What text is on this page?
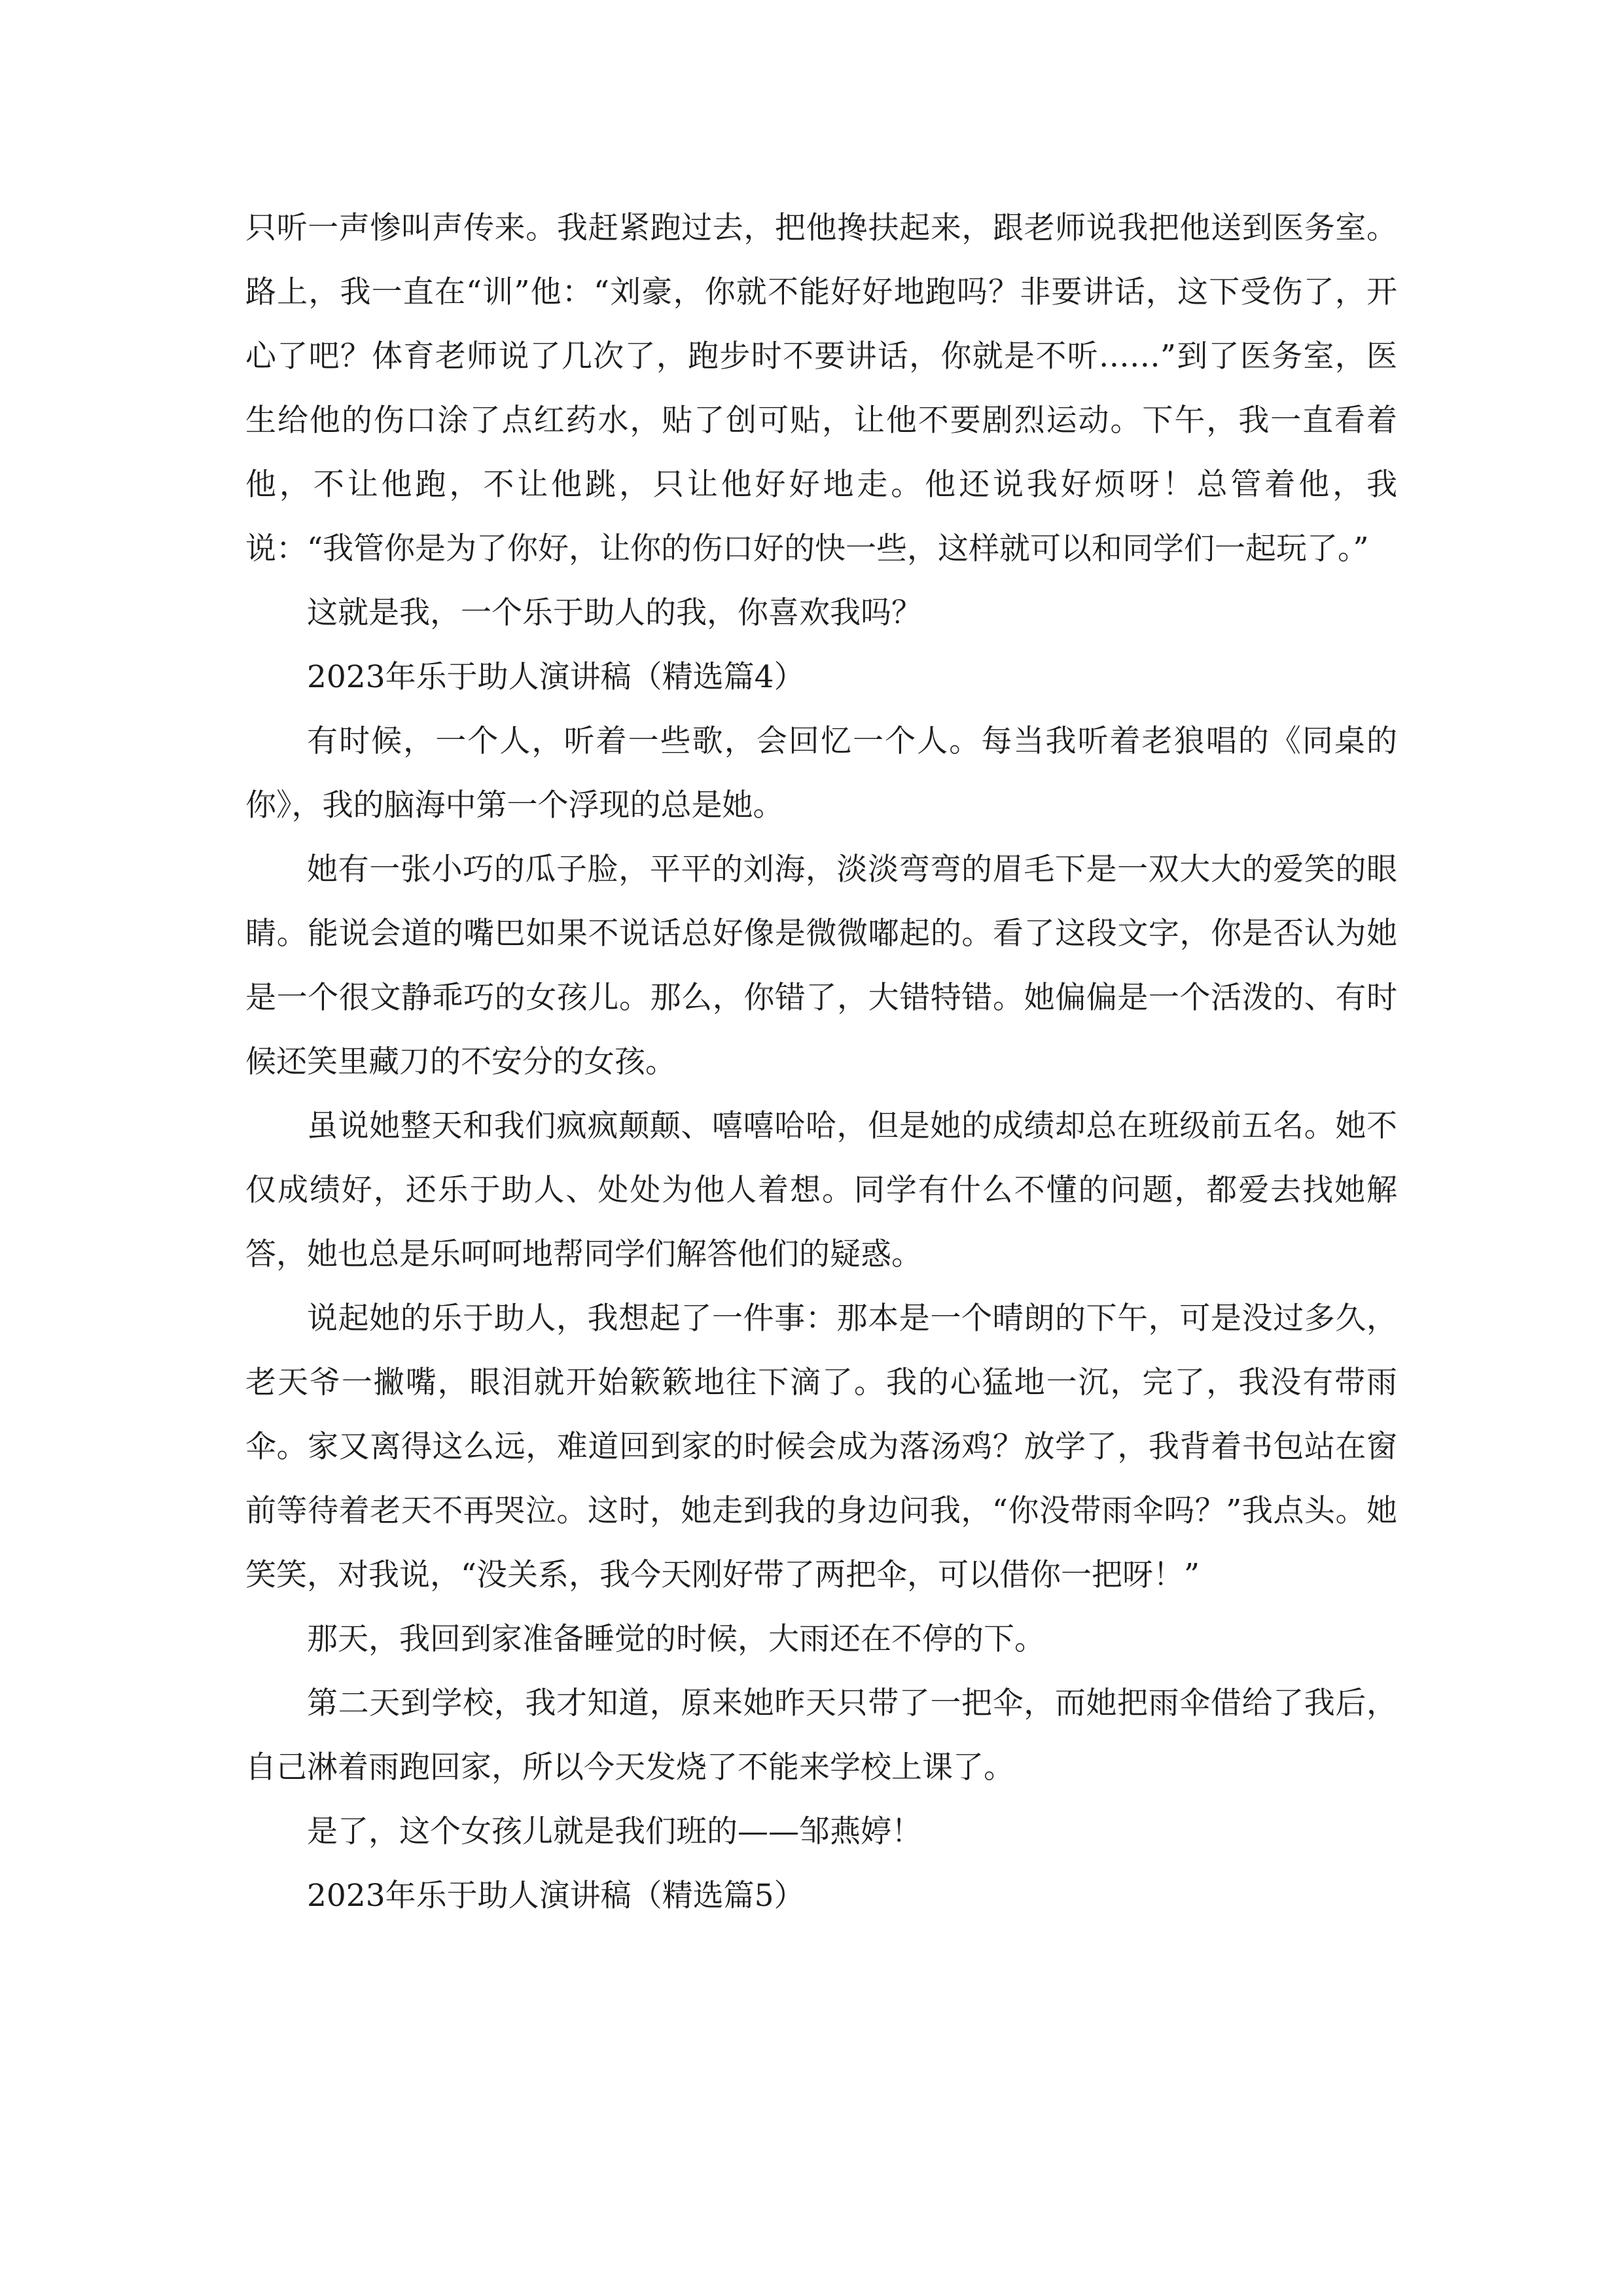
只听一声惨叫声传来。我赶紧跑过去，把他搀扶起来，跟老师说我把他送到医务室。路上，我一直在“训”他：“刘豪，你就不能好好地跑吗？非要讲话，这下受伤了，开心了吧？体育老师说了几次了，跑步时不要讲话，你就是不听……”到了医务室，医生给他的伤口涂了点红药水，贴了创可贴，让他不要剧烈运动。下午，我一直看着他，不让他跑，不让他跳，只让他好好地走。他还说我好烦呀！总管着他，我说：“我管你是为了你好，让你的伤口好的快一些，这样就可以和同学们一起玩了。”

这就是我，一个乐于助人的我，你喜欢我吗？

2023年乐于助人演讲稿（精选篇4）

有时候，一个人，听着一些歌，会回忆一个人。每当我听着老狼唱的《同桌的你》，我的脑海中第一个浮现的总是她。

她有一张小巧的瓜子脸，平平的刘海，淡淡弯弯的眉毛下是一双大大的爱笑的眼睛。能说会道的嘴巴如果不说话总好像是微微嘟起的。看了这段文字，你是否认为她是一个很文静乖巧的女孩儿。那么，你错了，大错特错。她偏偏是一个活泼的、有时候还笑里藏刀的不安分的女孩。

虽说她整天和我们疯疯颠颠、嘻嘻哈哈，但是她的成绩却总在班级前五名。她不仅成绩好，还乐于助人、处处为他人着想。同学有什么不懂的问题，都爱去找她解答，她也总是乐呵呵地帮同学们解答他们的疑惑。

说起她的乐于助人，我想起了一件事：那本是一个晴朗的下午，可是没过多久，老天爷一撇嘴，眼泪就开始簌簌地往下滴了。我的心猛地一沉，完了，我没有带雨伞。家又离得这么远，难道回到家的时候会成为落汤鸡？放学了，我背着书包站在窗前等待着老天不再哭泣。这时，她走到我的身边问我，“你没带雨伞吗？”我点头。她笑笑，对我说，“没关系，我今天刚好带了两把伞，可以借你一把呀！”

那天，我回到家准备睡觉的时候，大雨还在不停的下。

第二天到学校，我才知道，原来她昨天只带了一把伞，而她把雨伞借给了我后，自己淋着雨跑回家，所以今天发烧了不能来学校上课了。

是了，这个女孩儿就是我们班的——邹燕婷！

2023年乐于助人演讲稿（精选篇5）
